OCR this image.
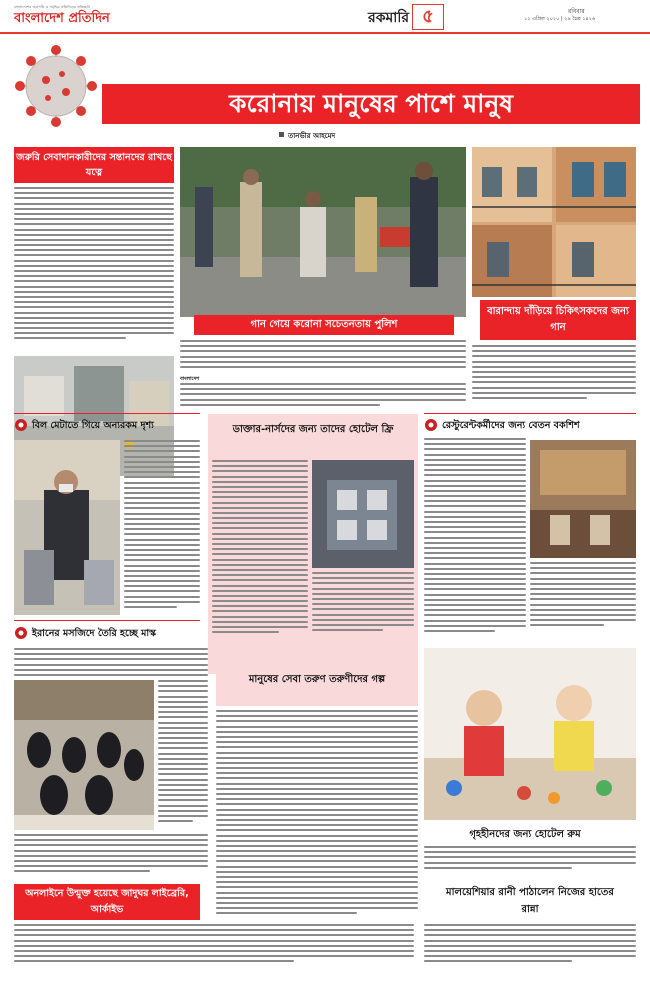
বাংলাদেশের অগ্রগতি ও সমৃদ্ধির প্রতিদিনের প্রতিচ্ছবি
বাংলাদেশ প্রতিদিন	রকমারি ৫	রবিবার
১২ এপ্রিল ২০২০ | ২৯ চৈত্র ১৪২৬
করোনায় মানুষের পাশে মানুষ
তানভীর আহমেদ
জরুরি সেবাদানকারীদের সন্তানদের রাখছে যত্নে
গান গেয়ে করোনা সচেতনতায় পুলিশ
বাংলাদেশ
বারান্দায় দাঁড়িয়ে চিকিৎসকদের জন্য গান
বিল মেটাতে গিয়ে অন্যরকম দৃশ্য	ডাক্তার-নার্সদের জন্য তাদের হোটেল ফ্রি	রেস্টুরেন্টকর্মীদের জন্য বেতন বকশিশ
ইরানের মসজিদে তৈরি হচ্ছে মাস্ক
মানুষের সেবা তরুণ তরুণীদের গল্প
গৃহহীনদের জন্য হোটেল রুম
অনলাইনে উন্মুক্ত হয়েছে জাদুঘর লাইব্রেরি, আর্কাইভ
মালয়েশিয়ার রানী পাঠালেন নিজের হাতের রান্না
